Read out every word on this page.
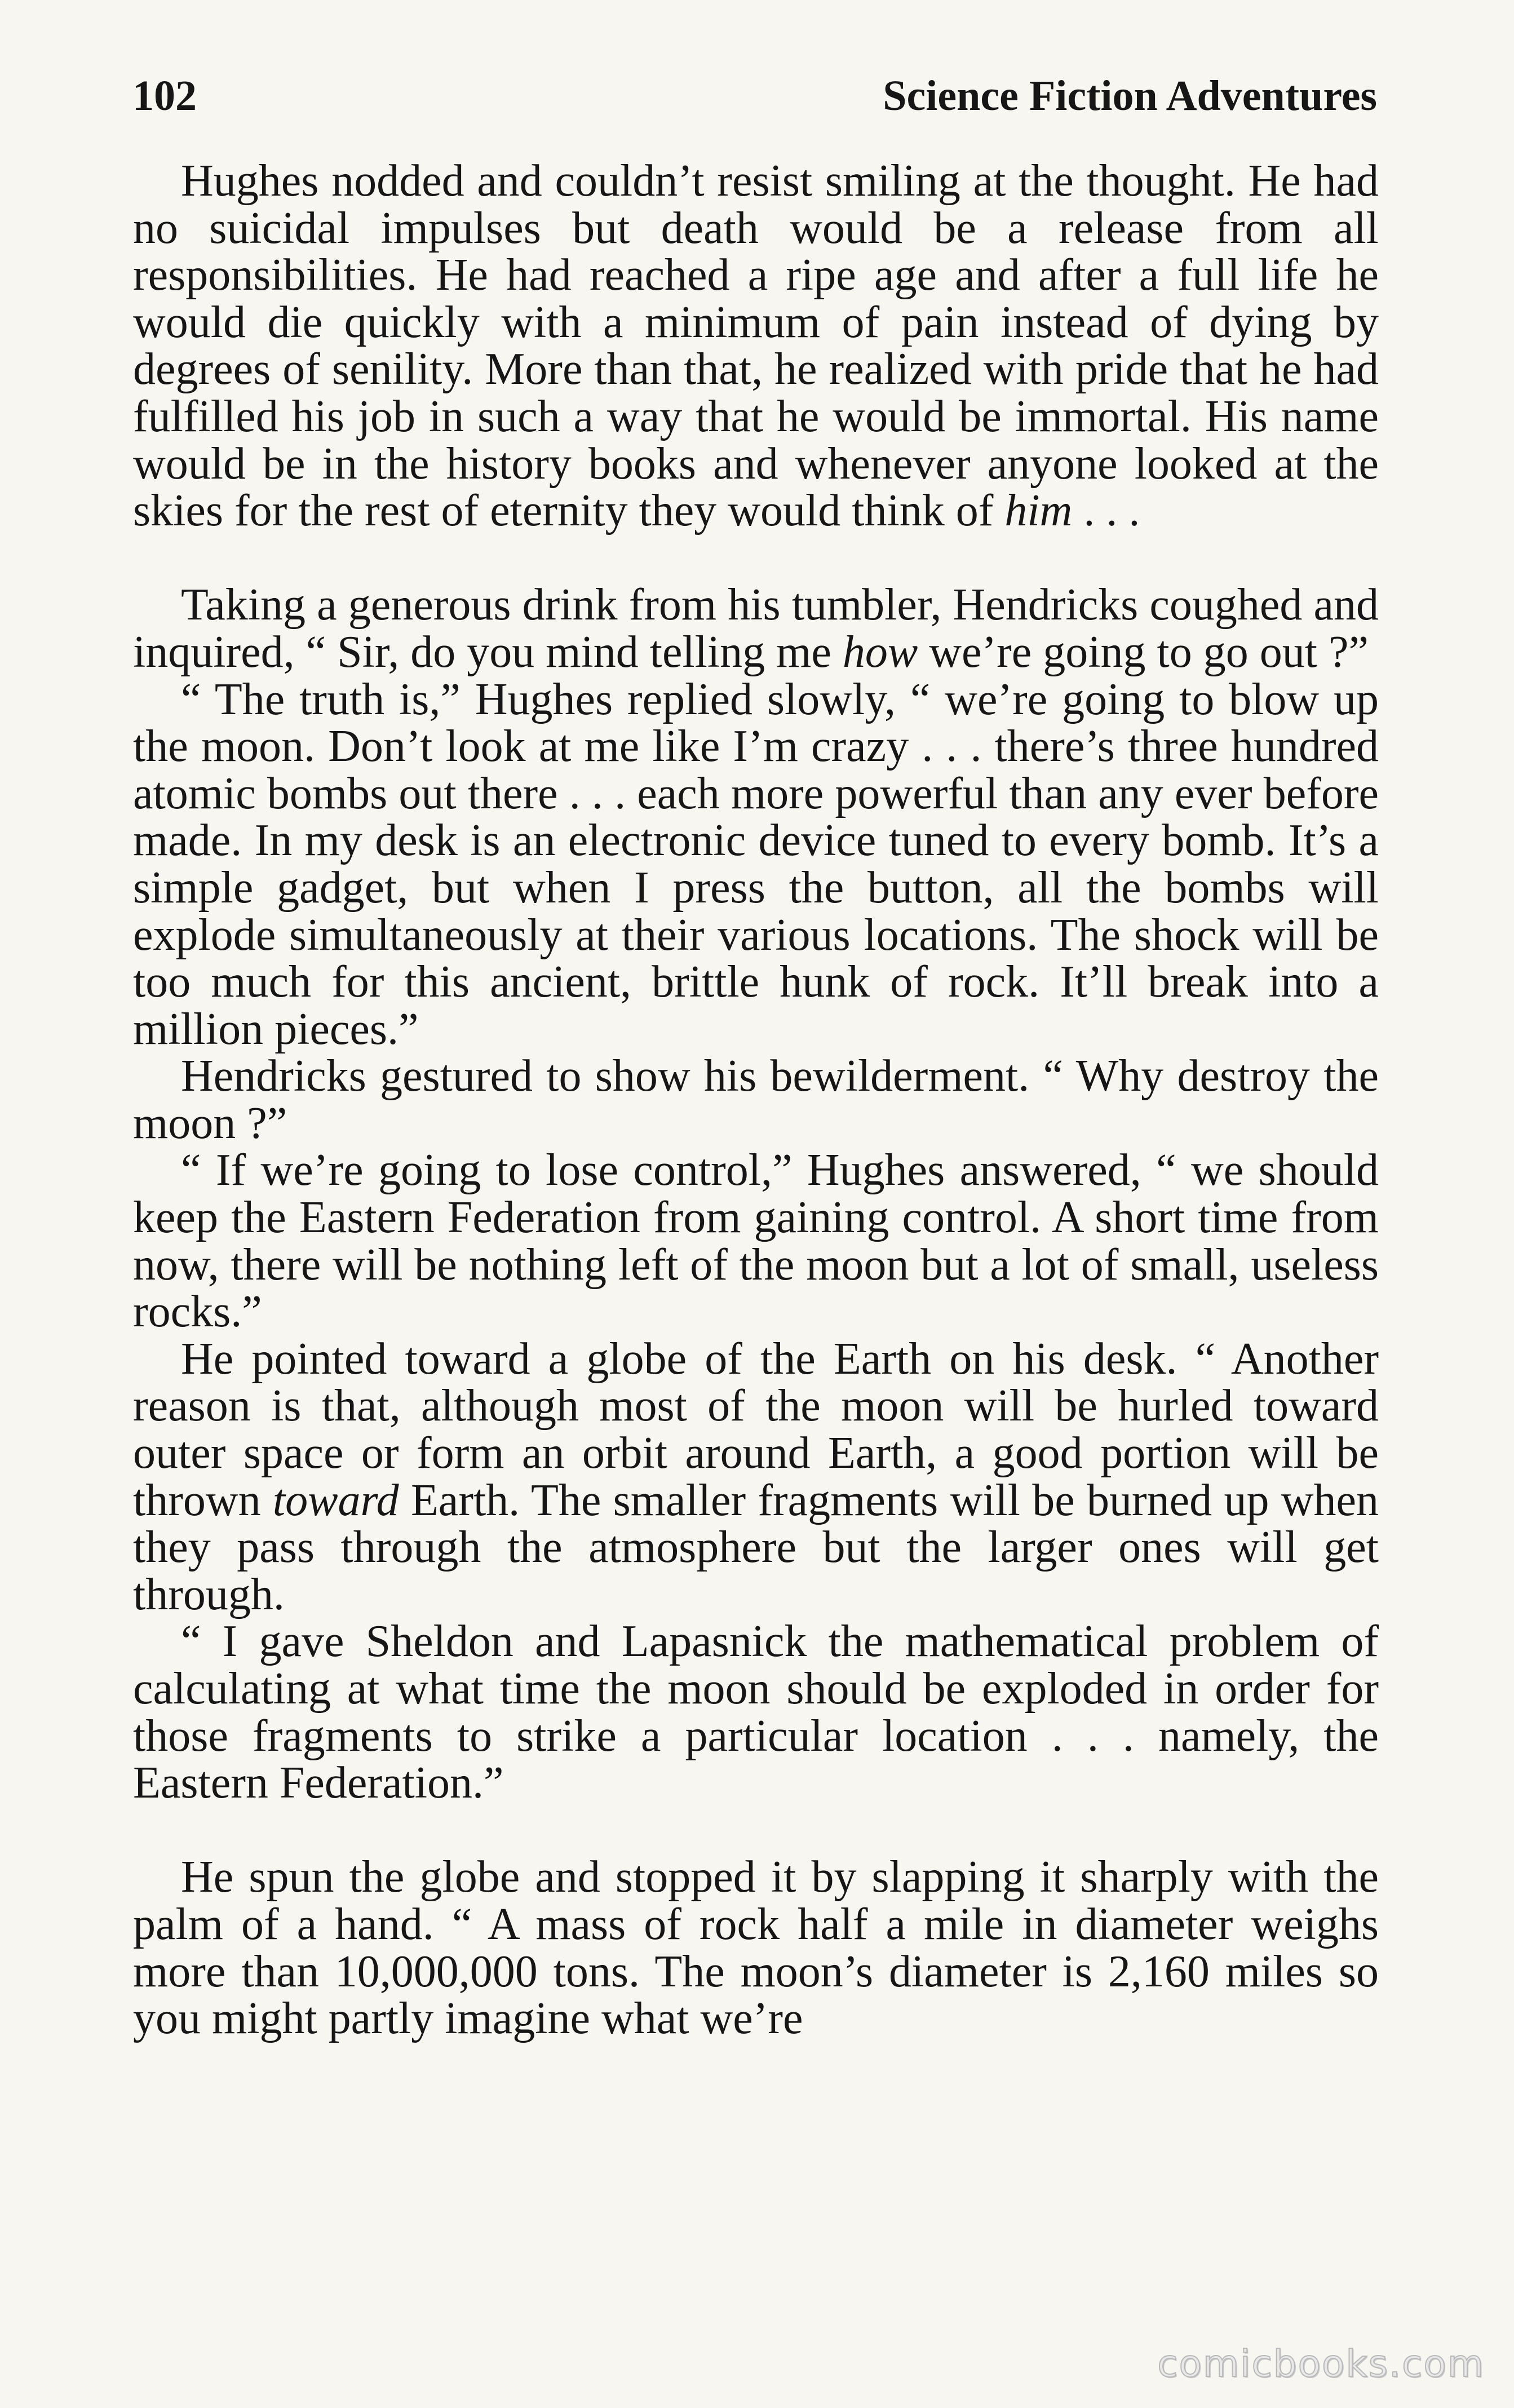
102	Science Fiction Adventures

Hughes nodded and couldn’t resist smiling at the thought. He had no suicidal impulses but death would be a release from all responsibilities. He had reached a ripe age and after a full life he would die quickly with a minimum of pain instead of dying by degrees of senility. More than that, he realized with pride that he had fulfilled his job in such a way that he would be immortal. His name would be in the history books and whenever anyone looked at the skies for the rest of eternity they would think of him . . .

Taking a generous drink from his tumbler, Hendricks coughed and inquired, “ Sir, do you mind telling me how we’re going to go out ?”

“ The truth is,” Hughes replied slowly, “ we’re going to blow up the moon. Don’t look at me like I’m crazy . . . there’s three hundred atomic bombs out there . . . each more powerful than any ever before made. In my desk is an electronic device tuned to every bomb. It’s a simple gadget, but when I press the button, all the bombs will explode simultaneously at their various locations. The shock will be too much for this ancient, brittle hunk of rock. It’ll break into a million pieces.”

Hendricks gestured to show his bewilderment. “ Why destroy the moon ?”

“ If we’re going to lose control,” Hughes answered, “ we should keep the Eastern Federation from gaining control. A short time from now, there will be nothing left of the moon but a lot of small, useless rocks.”

He pointed toward a globe of the Earth on his desk. “ Another reason is that, although most of the moon will be hurled toward outer space or form an orbit around Earth, a good portion will be thrown toward Earth. The smaller fragments will be burned up when they pass through the atmosphere but the larger ones will get through.

“ I gave Sheldon and Lapasnick the mathematical problem of calculating at what time the moon should be exploded in order for those fragments to strike a particular location . . . namely, the Eastern Federation.”

He spun the globe and stopped it by slapping it sharply with the palm of a hand. “ A mass of rock half a mile in diameter weighs more than 10,000,000 tons. The moon’s diameter is 2,160 miles so you might partly imagine what we’re

comicbooks.com
